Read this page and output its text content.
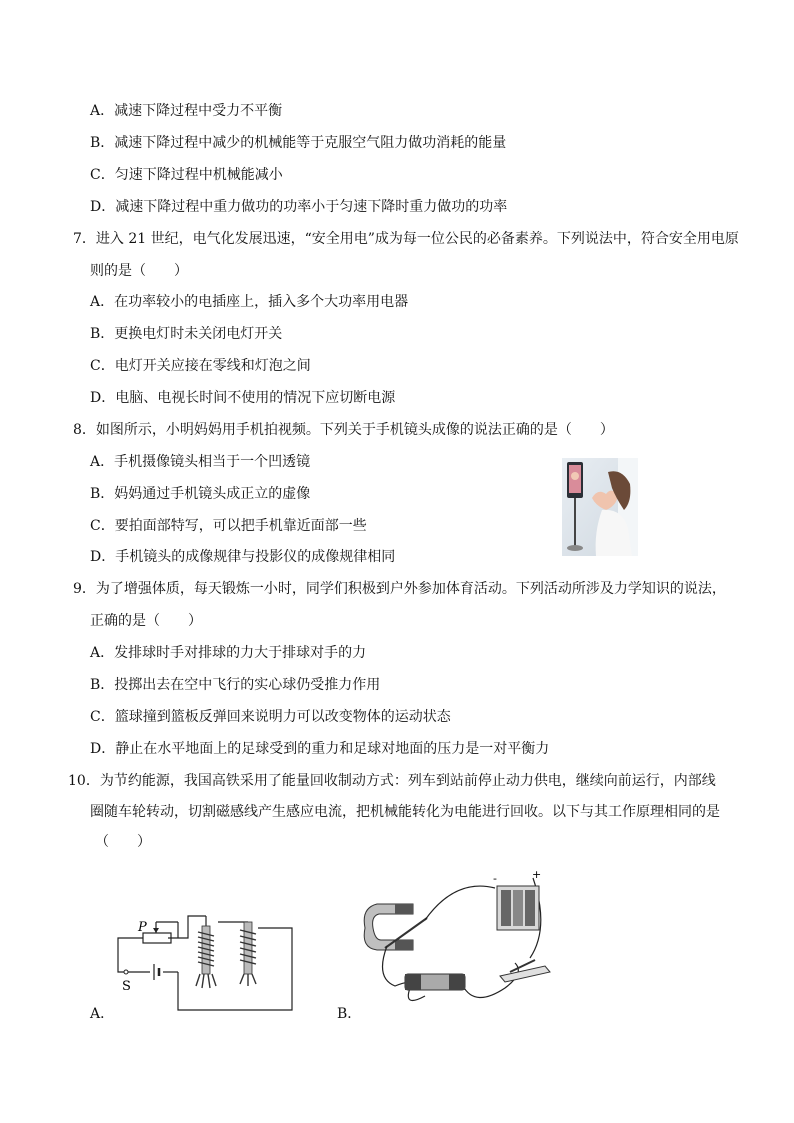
A．减速下降过程中受力不平衡
B．减速下降过程中减少的机械能等于克服空气阻力做功消耗的能量
C．匀速下降过程中机械能减小
D．减速下降过程中重力做功的功率小于匀速下降时重力做功的功率
7．进入 21 世纪，电气化发展迅速，“安全用电”成为每一位公民的必备素养。下列说法中，符合安全用电原
则的是（　　）
A．在功率较小的电插座上，插入多个大功率用电器
B．更换电灯时未关闭电灯开关
C．电灯开关应接在零线和灯泡之间
D．电脑、电视长时间不使用的情况下应切断电源
8．如图所示，小明妈妈用手机拍视频。下列关于手机镜头成像的说法正确的是（　　）
A．手机摄像镜头相当于一个凹透镜
B．妈妈通过手机镜头成正立的虚像
C．要拍面部特写，可以把手机靠近面部一些
D．手机镜头的成像规律与投影仪的成像规律相同
9．为了增强体质，每天锻炼一小时，同学们积极到户外参加体育活动。下列活动所涉及力学知识的说法，
正确的是（　　）
A．发排球时手对排球的力大于排球对手的力
B．投掷出去在空中飞行的实心球仍受推力作用
C．篮球撞到篮板反弹回来说明力可以改变物体的运动状态
D．静止在水平地面上的足球受到的重力和足球对地面的压力是一对平衡力
10．为节约能源，我国高铁采用了能量回收制动方式：列车到站前停止动力供电，继续向前运行，内部线
圈随车轮转动，切割磁感线产生感应电流，把机械能转化为电能进行回收。以下与其工作原理相同的是
（　　）
P
S
A．
-	+
B．
